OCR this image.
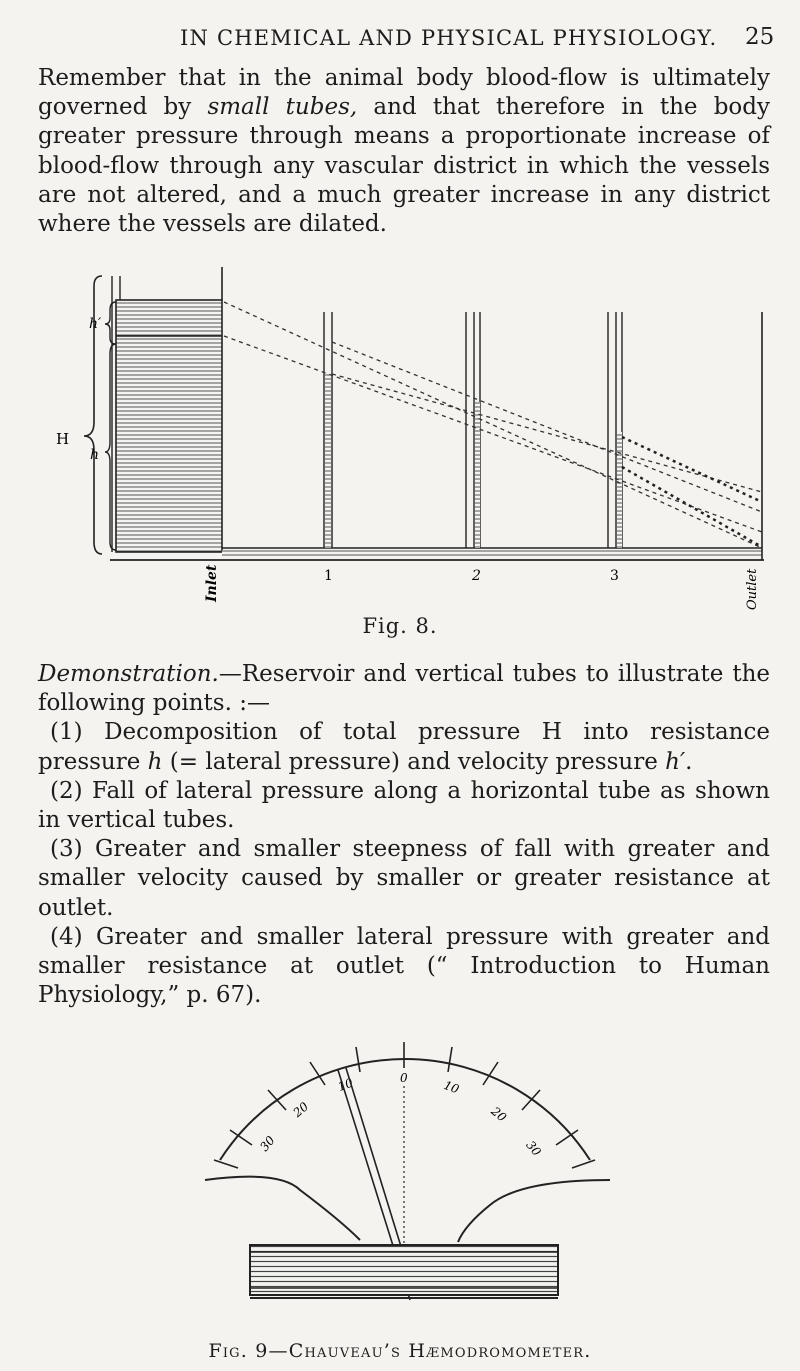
IN CHEMICAL AND PHYSICAL PHYSIOLOGY. 25

Remember that in the animal body blood-flow is ultimately governed by small tubes, and that therefore in the body greater pressure through means a proportionate increase of blood-flow through any vascular district in which the vessels are not altered, and a much greater increase in any district where the vessels are dilated.

H
h′
h
Inlet	1	2	3	Outlet
Fig. 8.
Demonstration.—Reservoir and vertical tubes to illustrate the following points. :—
(1) Decomposition of total pressure H into resistance pressure h (= lateral pressure) and velocity pressure h′.
(2) Fall of lateral pressure along a horizontal tube as shown in vertical tubes.
(3) Greater and smaller steepness of fall with greater and smaller velocity caused by smaller or greater resistance at outlet.
(4) Greater and smaller lateral pressure with greater and smaller resistance at outlet (“ Introduction to Human Physiology,” p. 67).
30
20
10	0
10
20
30
Fig. 9—Chauveau’s Hæmodromometer.
